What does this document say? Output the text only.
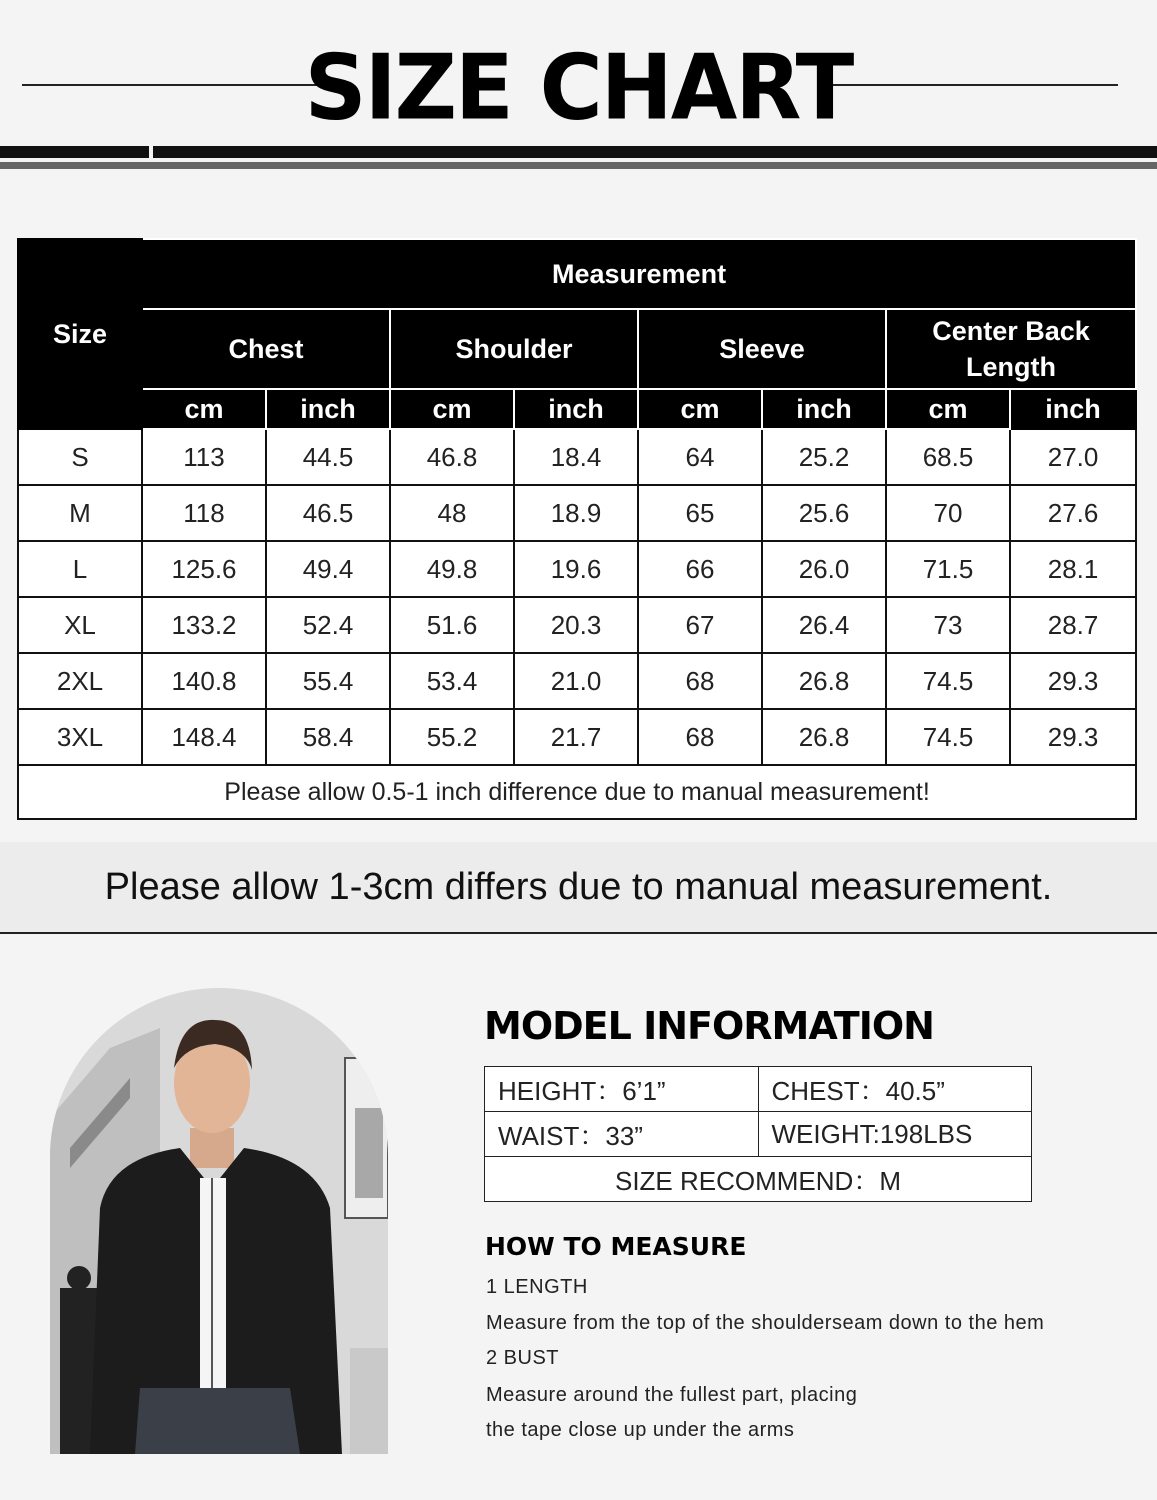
SIZE CHART
Size	Measurement							
	Chest		Shoulder		Sleeve		Center Back Length	
	cm	inch	cm	inch	cm	inch	cm	inch
S	113	44.5	46.8	18.4	64	25.2	68.5	27.0
M	118	46.5	48	18.9	65	25.6	70	27.6
L	125.6	49.4	49.8	19.6	66	26.0	71.5	28.1
XL	133.2	52.4	51.6	20.3	67	26.4	73	28.7
2XL	140.8	55.4	53.4	21.0	68	26.8	74.5	29.3
3XL	148.4	58.4	55.2	21.7	68	26.8	74.5	29.3
Please allow 0.5-1 inch difference due to manual measurement!								
Please allow 1-3cm differs due to manual measurement.
MODEL INFORMATION
HEIGHT：6’1”	CHEST：40.5”
WAIST：33”	WEIGHT:198LBS
SIZE RECOMMEND：M	
HOW TO MEASURE
1 LENGTH
Measure from the top of the shoulderseam down to the hem
2 BUST
Measure around the fullest part, placing
the tape close up under the arms
